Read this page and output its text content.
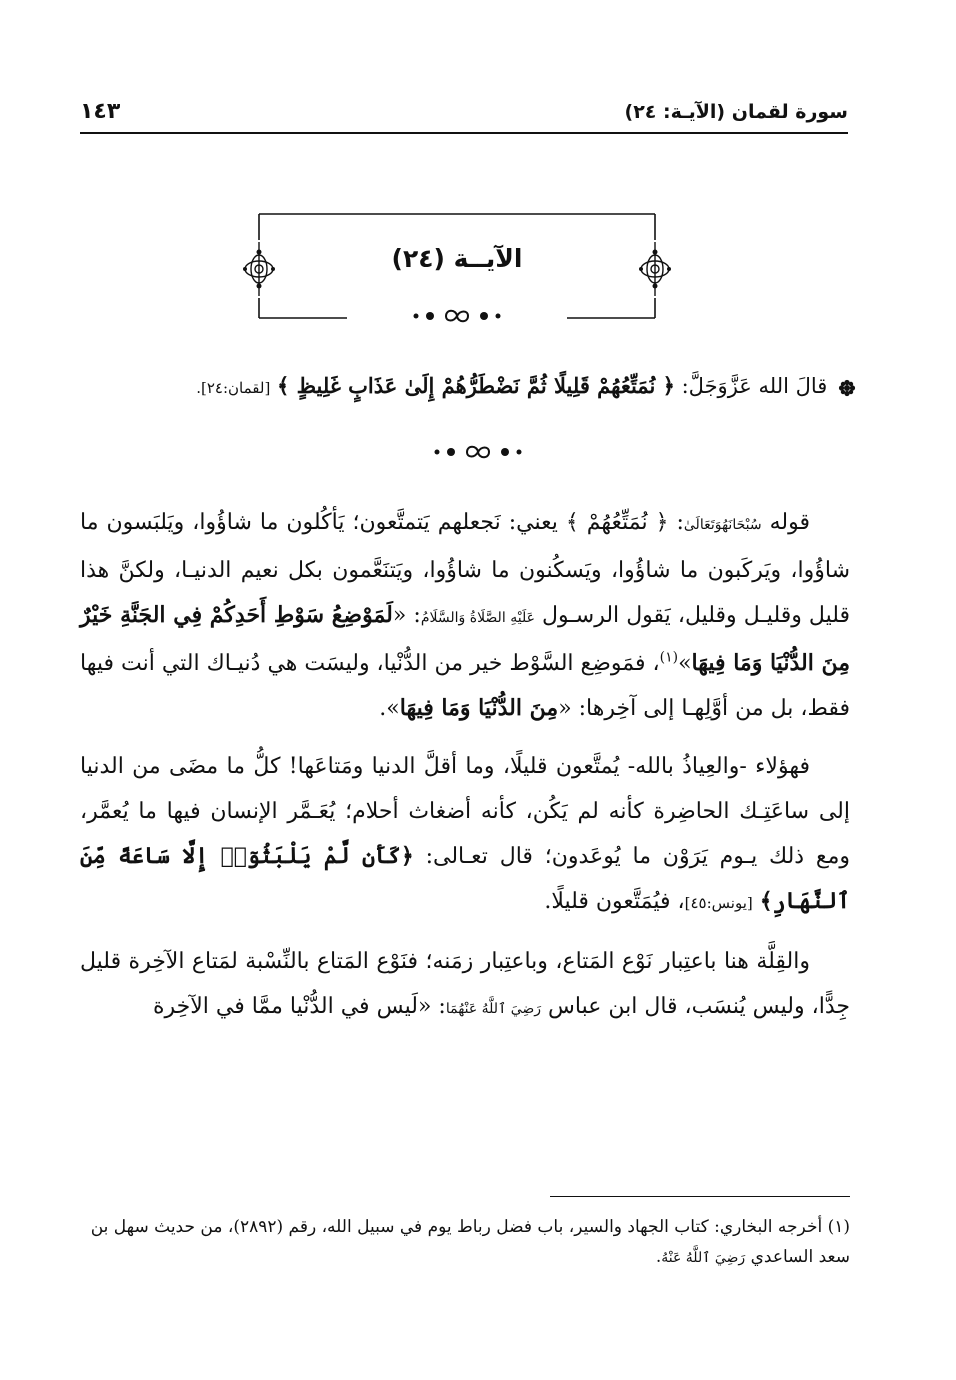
١٤٣	سورة لقمان (الآيـة: ٢٤)
الآيــة (٢٤)
قالَ الله عَزَّوَجَلَّ: ﴿ نُمَتِّعُهُمْ قَلِيلًا ثُمَّ نَضْطَرُّهُمْ إِلَىٰ عَذَابٍ غَلِيظٍ ﴾ [لقمان:٢٤].

قوله سُبْحَانَهُوَتَعَالَىٰ: ﴿ نُمَتِّعُهُمْ ﴾ يعني: نَجعلهم يَتمتَّعون؛ يَأكُلون ما شاؤُوا، ويَلبَسون ما شاؤُوا، ويَركَبون ما شاؤُوا، ويَسكُنون ما شاؤُوا، ويَتنَعَّمون بكل نعيم الدنيـا، ولكنَّ هذا قليل وقليـل وقليل، يَقول الرسـول عَلَيْهِ الصَّلَاةُ وَالسَّلَامُ: «لَمَوْضِعُ سَوْطِ أَحَدِكُمْ فِي الجَنَّةِ خَيْرٌ مِنَ الدُّنْيَا وَمَا فِيهَا»$^{(١)}$، فمَوضِع السَّوْط خير من الدُّنْيا، وليسَت هي دُنيـاك التي أنت فيها فقط، بل من أوَّلِهـا إلى آخِرها: «مِنَ الدُّنْيَا وَمَا فِيهَا».

فهؤلاء -والعِياذُ بالله- يُمتَّعون قليلًا، وما أقلَّ الدنيا ومَتاعَها! كلُّ ما مضَى من الدنيا إلى ساعَتِـك الحاضِرة كأنه لم يَكُن، كأنه أضغاث أحلام؛ يُعَـمَّر الإنسان فيها ما يُعمَّر، ومع ذلك يـوم يَرَوْن ما يُوعَدون؛ قال تعـالى: ﴿كَأَن لَّمْ يَلْبَثُوٓا۟ إِلَّا سَاعَةً مِّنَ ٱلنَّهَارِ﴾ [يونس:٤٥]، فيُمَتَّعون قليلًا.

والقِلَّة هنا باعتِبار نَوْع المَتاع، وباعتِبار زمَنه؛ فنَوْع المَتاع بالنِّسْبة لمَتاع الآخِرة قليل جِدًّا، وليس يُنسَب، قال ابن عباس رَضِيَ ٱللَّهُ عَنْهُمَا: «لَيس في الدُّنْيا ممَّا في الآخِرة

(١) أخرجه البخاري: كتاب الجهاد والسير، باب فضل رباط يوم في سبيل الله، رقم (٢٨٩٢)، من حديث سهل بن سعد الساعدي رَضِيَ ٱللَّهُ عَنْهُ.
